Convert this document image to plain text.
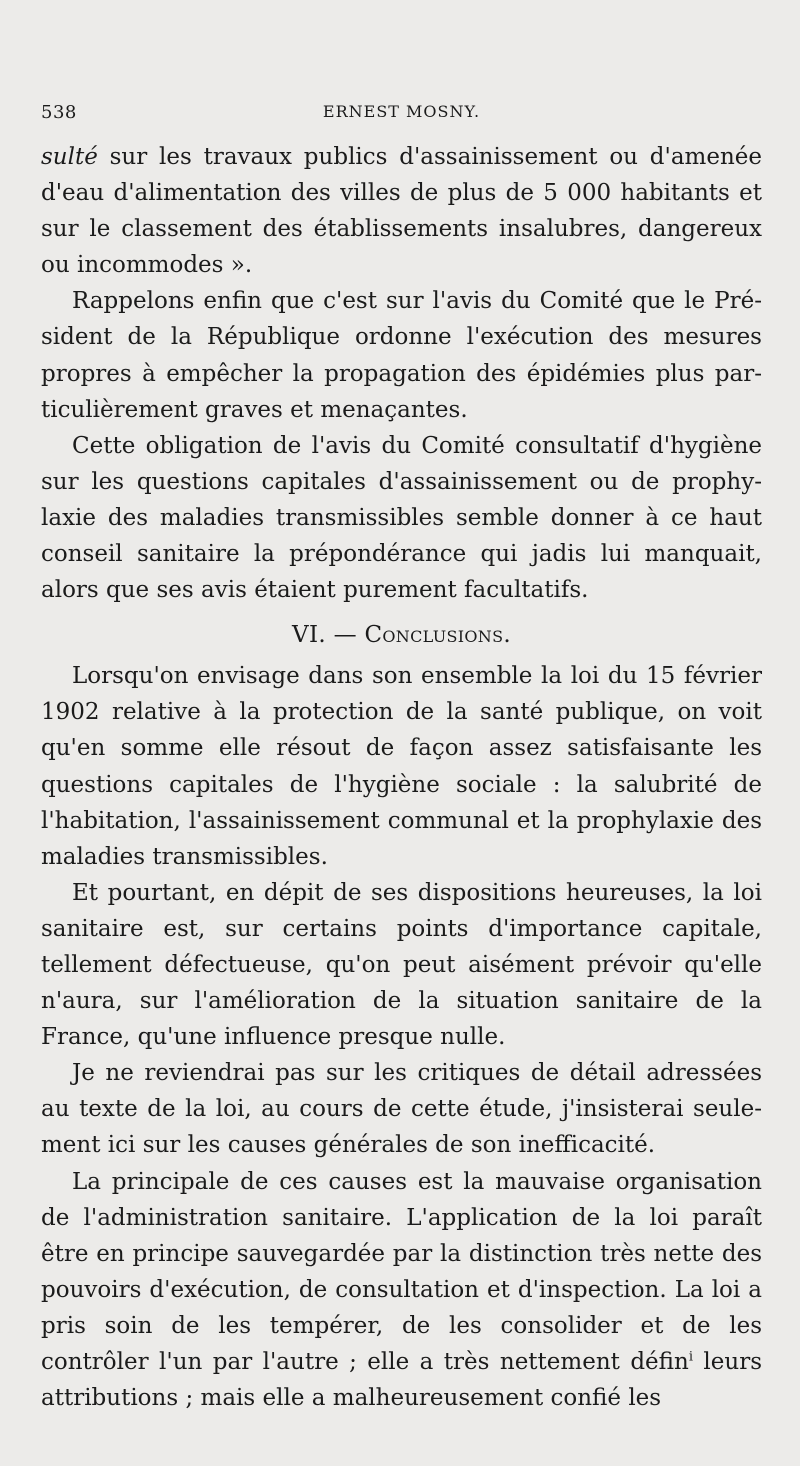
538	ERNEST MOSNY.

sulté sur les travaux publics d'assainissement ou d'amenée d'eau d'alimentation des villes de plus de 5 000 habitants et sur le classement des établissements insalubres, dangereux ou incommodes ».

Rappelons enfin que c'est sur l'avis du Comité que le Président de la République ordonne l'exécution des mesures propres à empêcher la propagation des épidémies plus particulièrement graves et menaçantes.

Cette obligation de l'avis du Comité consultatif d'hygiène sur les questions capitales d'assainissement ou de prophylaxie des maladies transmissibles semble donner à ce haut conseil sanitaire la prépondérance qui jadis lui manquait, alors que ses avis étaient purement facultatifs.

VI. — Conclusions.

Lorsqu'on envisage dans son ensemble la loi du 15 février 1902 relative à la protection de la santé publique, on voit qu'en somme elle résout de façon assez satisfaisante les questions capitales de l'hygiène sociale : la salubrité de l'habitation, l'assainissement communal et la prophylaxie des maladies transmissibles.

Et pourtant, en dépit de ses dispositions heureuses, la loi sanitaire est, sur certains points d'importance capitale, tellement défectueuse, qu'on peut aisément prévoir qu'elle n'aura, sur l'amélioration de la situation sanitaire de la France, qu'une influence presque nulle.

Je ne reviendrai pas sur les critiques de détail adressées au texte de la loi, au cours de cette étude, j'insisterai seulement ici sur les causes générales de son inefficacité.

La principale de ces causes est la mauvaise organisation de l'administration sanitaire. L'application de la loi paraît être en principe sauvegardée par la distinction très nette des pouvoirs d'exécution, de consultation et d'inspection. La loi a pris soin de les tempérer, de les consolider et de les contrôler l'un par l'autre ; elle a très nettement défin$^i$ leurs attributions ; mais elle a malheureusement confié les
